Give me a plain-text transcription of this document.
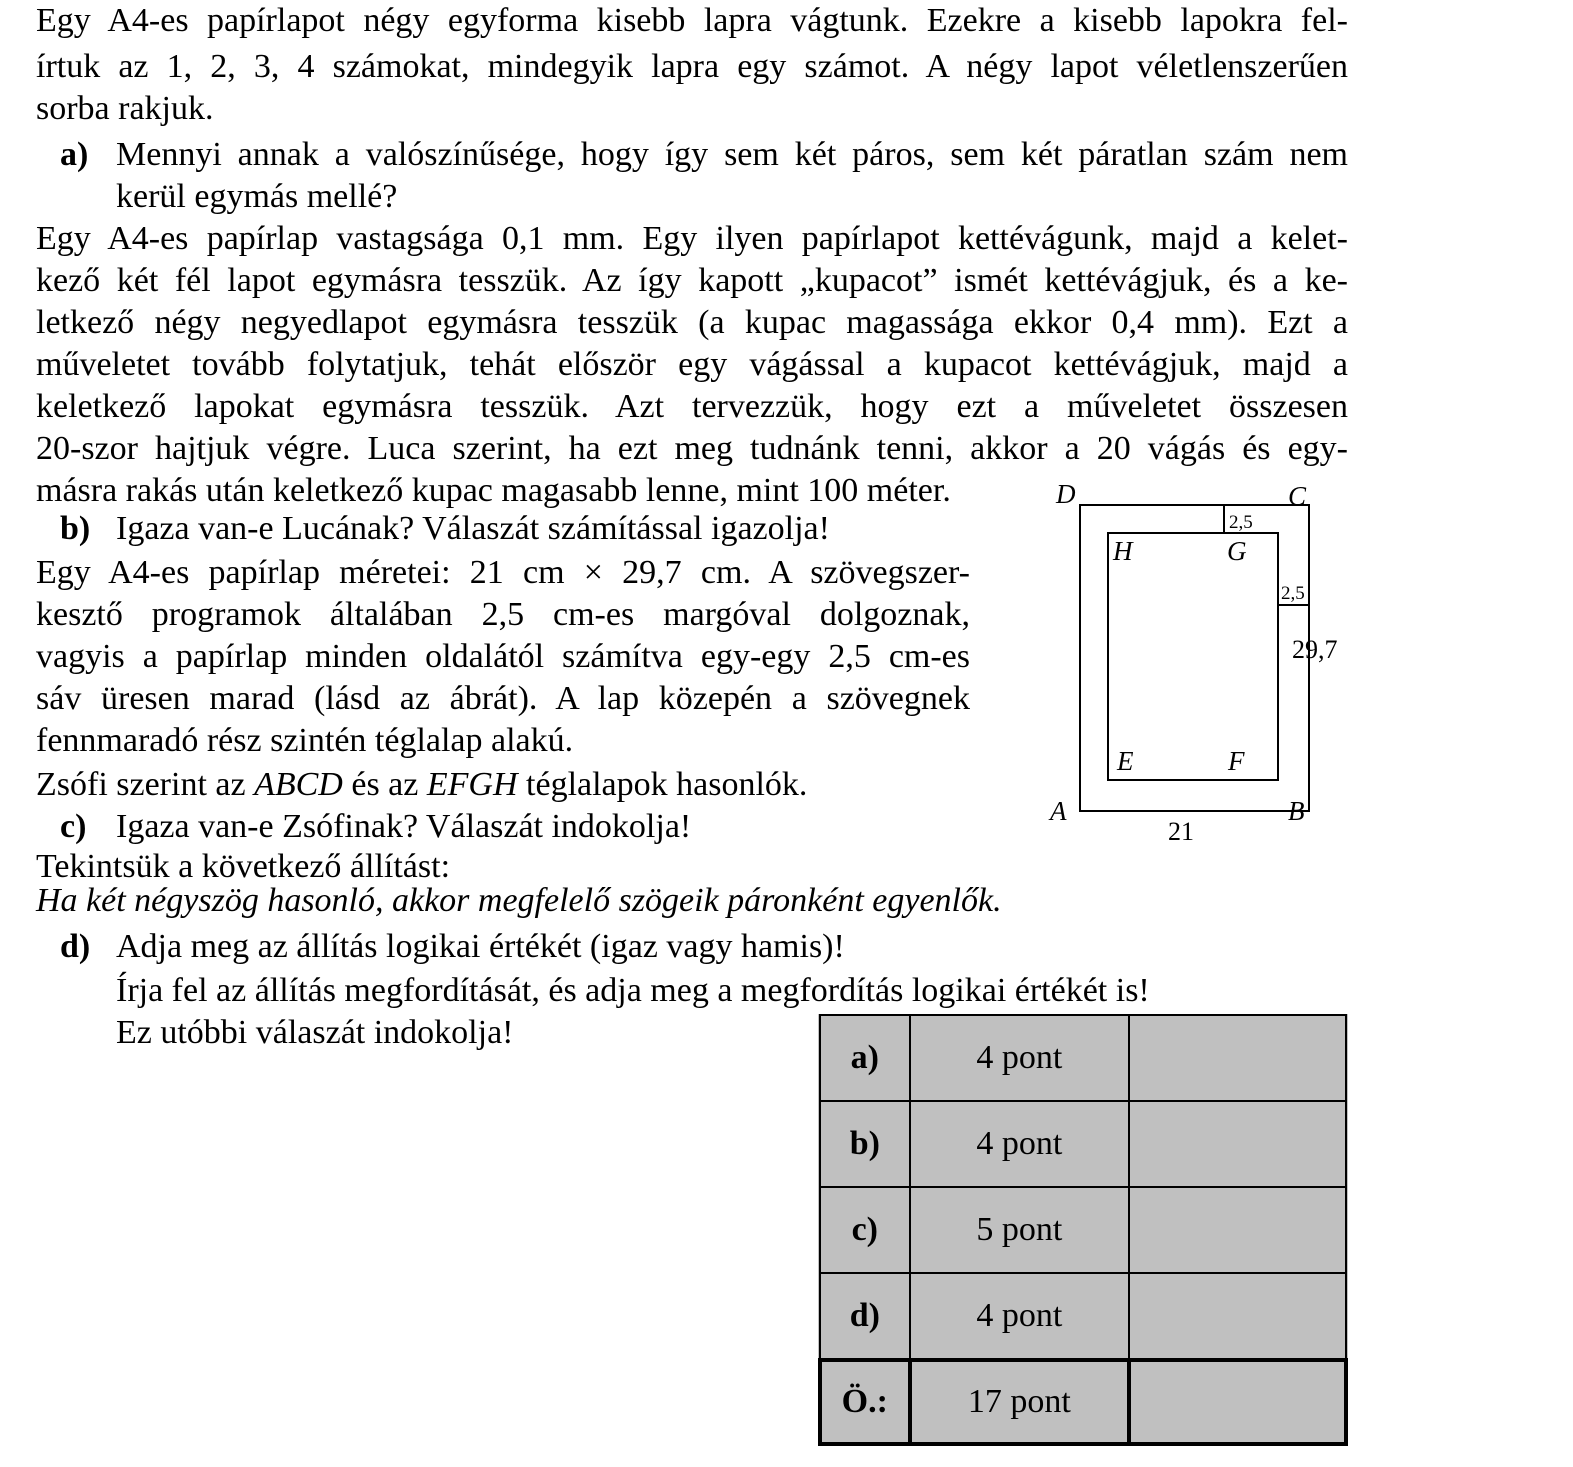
Egy A4-es papírlapot négy egyforma kisebb lapra vágtunk. Ezekre a kisebb lapokra fel-
írtuk az 1, 2, 3, 4 számokat, mindegyik lapra egy számot. A négy lapot véletlenszerűen
sorba rakjuk.
a) Mennyi annak a valószínűsége, hogy így sem két páros, sem két páratlan szám nem
kerül egymás mellé?
Egy A4-es papírlap vastagsága 0,1 mm. Egy ilyen papírlapot kettévágunk, majd a kelet-
kező két fél lapot egymásra tesszük. Az így kapott „kupacot” ismét kettévágjuk, és a ke-
letkező négy negyedlapot egymásra tesszük (a kupac magassága ekkor 0,4 mm). Ezt a
műveletet tovább folytatjuk, tehát először egy vágással a kupacot kettévágjuk, majd a
keletkező lapokat egymásra tesszük. Azt tervezzük, hogy ezt a műveletet összesen
20-szor hajtjuk végre. Luca szerint, ha ezt meg tudnánk tenni, akkor a 20 vágás és egy-
másra rakás után keletkező kupac magasabb lenne, mint 100 méter.
b) Igaza van-e Lucának? Válaszát számítással igazolja!
Egy A4-es papírlap méretei: 21 cm × 29,7 cm. A szövegszer-
kesztő programok általában 2,5 cm-es margóval dolgoznak,
vagyis a papírlap minden oldalától számítva egy-egy 2,5 cm-es
sáv üresen marad (lásd az ábrát). A lap közepén a szövegnek
fennmaradó rész szintén téglalap alakú.
Zsófi szerint az ABCD és az EFGH téglalapok hasonlók.
c) Igaza van-e Zsófinak? Válaszát indokolja!
Tekintsük a következő állítást:
Ha két négyszög hasonló, akkor megfelelő szögeik páronként egyenlők.
d) Adja meg az állítás logikai értékét (igaz vagy hamis)!
Írja fel az állítás megfordítását, és adja meg a megfordítás logikai értékét is!
Ez utóbbi válaszát indokolja!
D	C
A	B
H	G
E	F
2,5
2,5
29,7
21
a)	4 pont	
b)	4 pont	
c)	5 pont	
d)	4 pont	
Ö.:	17 pont	
